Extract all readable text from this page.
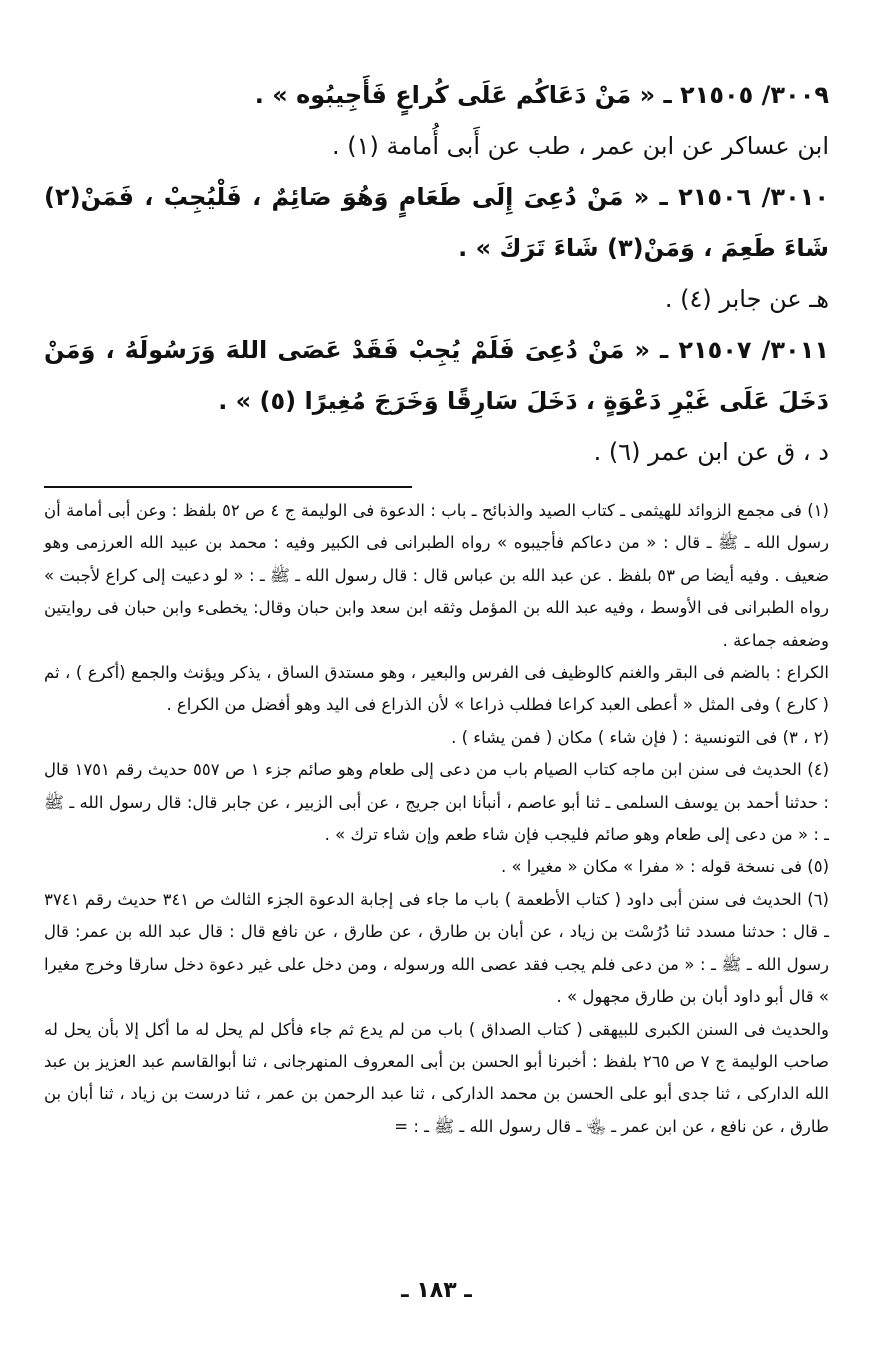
٣٠٠٩/ ٢١٥٠٥ ـ « مَنْ دَعَاكُم عَلَى كُراعٍ فَأَجِيبُوه » .

ابن عساكر عن ابن عمر ، طب عن أَبى أُمامة (١) .

٣٠١٠/ ٢١٥٠٦ ـ « مَنْ دُعِىَ إِلَى طَعَامٍ وَهُوَ صَائِمٌ ، فَلْيُجِبْ ، فَمَنْ(٢) شَاءَ طَعِمَ ، وَمَنْ(٣) شَاءَ تَرَكَ » .

هـ عن جابر (٤) .

٣٠١١/ ٢١٥٠٧ ـ « مَنْ دُعِىَ فَلَمْ يُجِبْ فَقَدْ عَصَى اللهَ وَرَسُولَهُ ، وَمَنْ دَخَلَ عَلَى غَيْرِ دَعْوَةٍ ، دَخَلَ سَارِقًا وَخَرَجَ مُغِيرًا (٥) » .

د ، ق عن ابن عمر (٦) .

(١) فى مجمع الزوائد للهيثمى ـ كتاب الصيد والذبائح ـ باب : الدعوة فى الوليمة ج ٤ ص ٥٢ بلفظ : وعن أبى أمامة أن رسول الله ـ ﷺ ـ قال : « من دعاكم فأجيبوه » رواه الطبرانى فى الكبير وفيه : محمد بن عبيد الله العرزمى وهو ضعيف . وفيه أيضا ص ٥٣ بلفظ . عن عبد الله بن عباس قال : قال رسول الله ـ ﷺ ـ : « لو دعيت إلى كراع لأجبت » رواه الطبرانى فى الأوسط ، وفيه عبد الله بن المؤمل وثقه ابن سعد وابن حبان وقال: يخطىء وابن حبان فى روايتين وضعفه جماعة .

الكراع : بالضم فى البقر والغنم كالوظيف فى الفرس والبعير ، وهو مستدق الساق ، يذكر ويؤنث والجمع (أكرع ) ، ثم ( كارع ) وفى المثل « أعطى العبد كراعا فطلب ذراعا » لأن الذراع فى اليد وهو أفضل من الكراع .

(٢ ، ٣) فى التونسية : ( فإن شاء ) مكان ( فمن يشاء ) .

(٤) الحديث فى سنن ابن ماجه كتاب الصيام باب من دعى إلى طعام وهو صائم جزء ١ ص ٥٥٧ حديث رقم ١٧٥١ قال : حدثنا أحمد بن يوسف السلمى ـ ثنا أبو عاصم ، أنبأنا ابن جريج ، عن أبى الزبير ، عن جابر قال: قال رسول الله ـ ﷺ ـ : « من دعى إلى طعام وهو صائم فليجب فإن شاء طعم وإن شاء ترك » .

(٥) فى نسخة قوله : « مفرا » مكان « مغيرا » .

(٦) الحديث فى سنن أبى داود ( كتاب الأطعمة ) باب ما جاء فى إجابة الدعوة الجزء الثالث ص ٣٤١ حديث رقم ٣٧٤١ ـ قال : حدثنا مسدد ثنا دُرُسْت بن زياد ، عن أبان بن طارق ، عن طارق ، عن نافع قال : قال عبد الله بن عمر: قال رسول الله ـ ﷺ ـ : « من دعى فلم يجب فقد عصى الله ورسوله ، ومن دخل على غير دعوة دخل سارقا وخرج مغيرا » قال أبو داود أبان بن طارق مجهول » .

والحديث فى السنن الكبرى للبيهقى ( كتاب الصداق ) باب من لم يدع ثم جاء فأكل لم يحل له ما أكل إلا بأن يحل له صاحب الوليمة ج ٧ ص ٢٦٥ بلفظ : أخبرنا أبو الحسن بن أبى المعروف المنهرجانى ، ثنا أبوالقاسم عبد العزيز بن عبد الله الداركى ، ثنا جدى أبو على الحسن بن محمد الداركى ، ثنا عبد الرحمن بن عمر ، ثنا درست بن زياد ، ثنا أبان بن طارق ، عن نافع ، عن ابن عمر ـ ﵄ ـ قال رسول الله ـ ﷺ ـ : =

ـ ١٨٣ ـ
